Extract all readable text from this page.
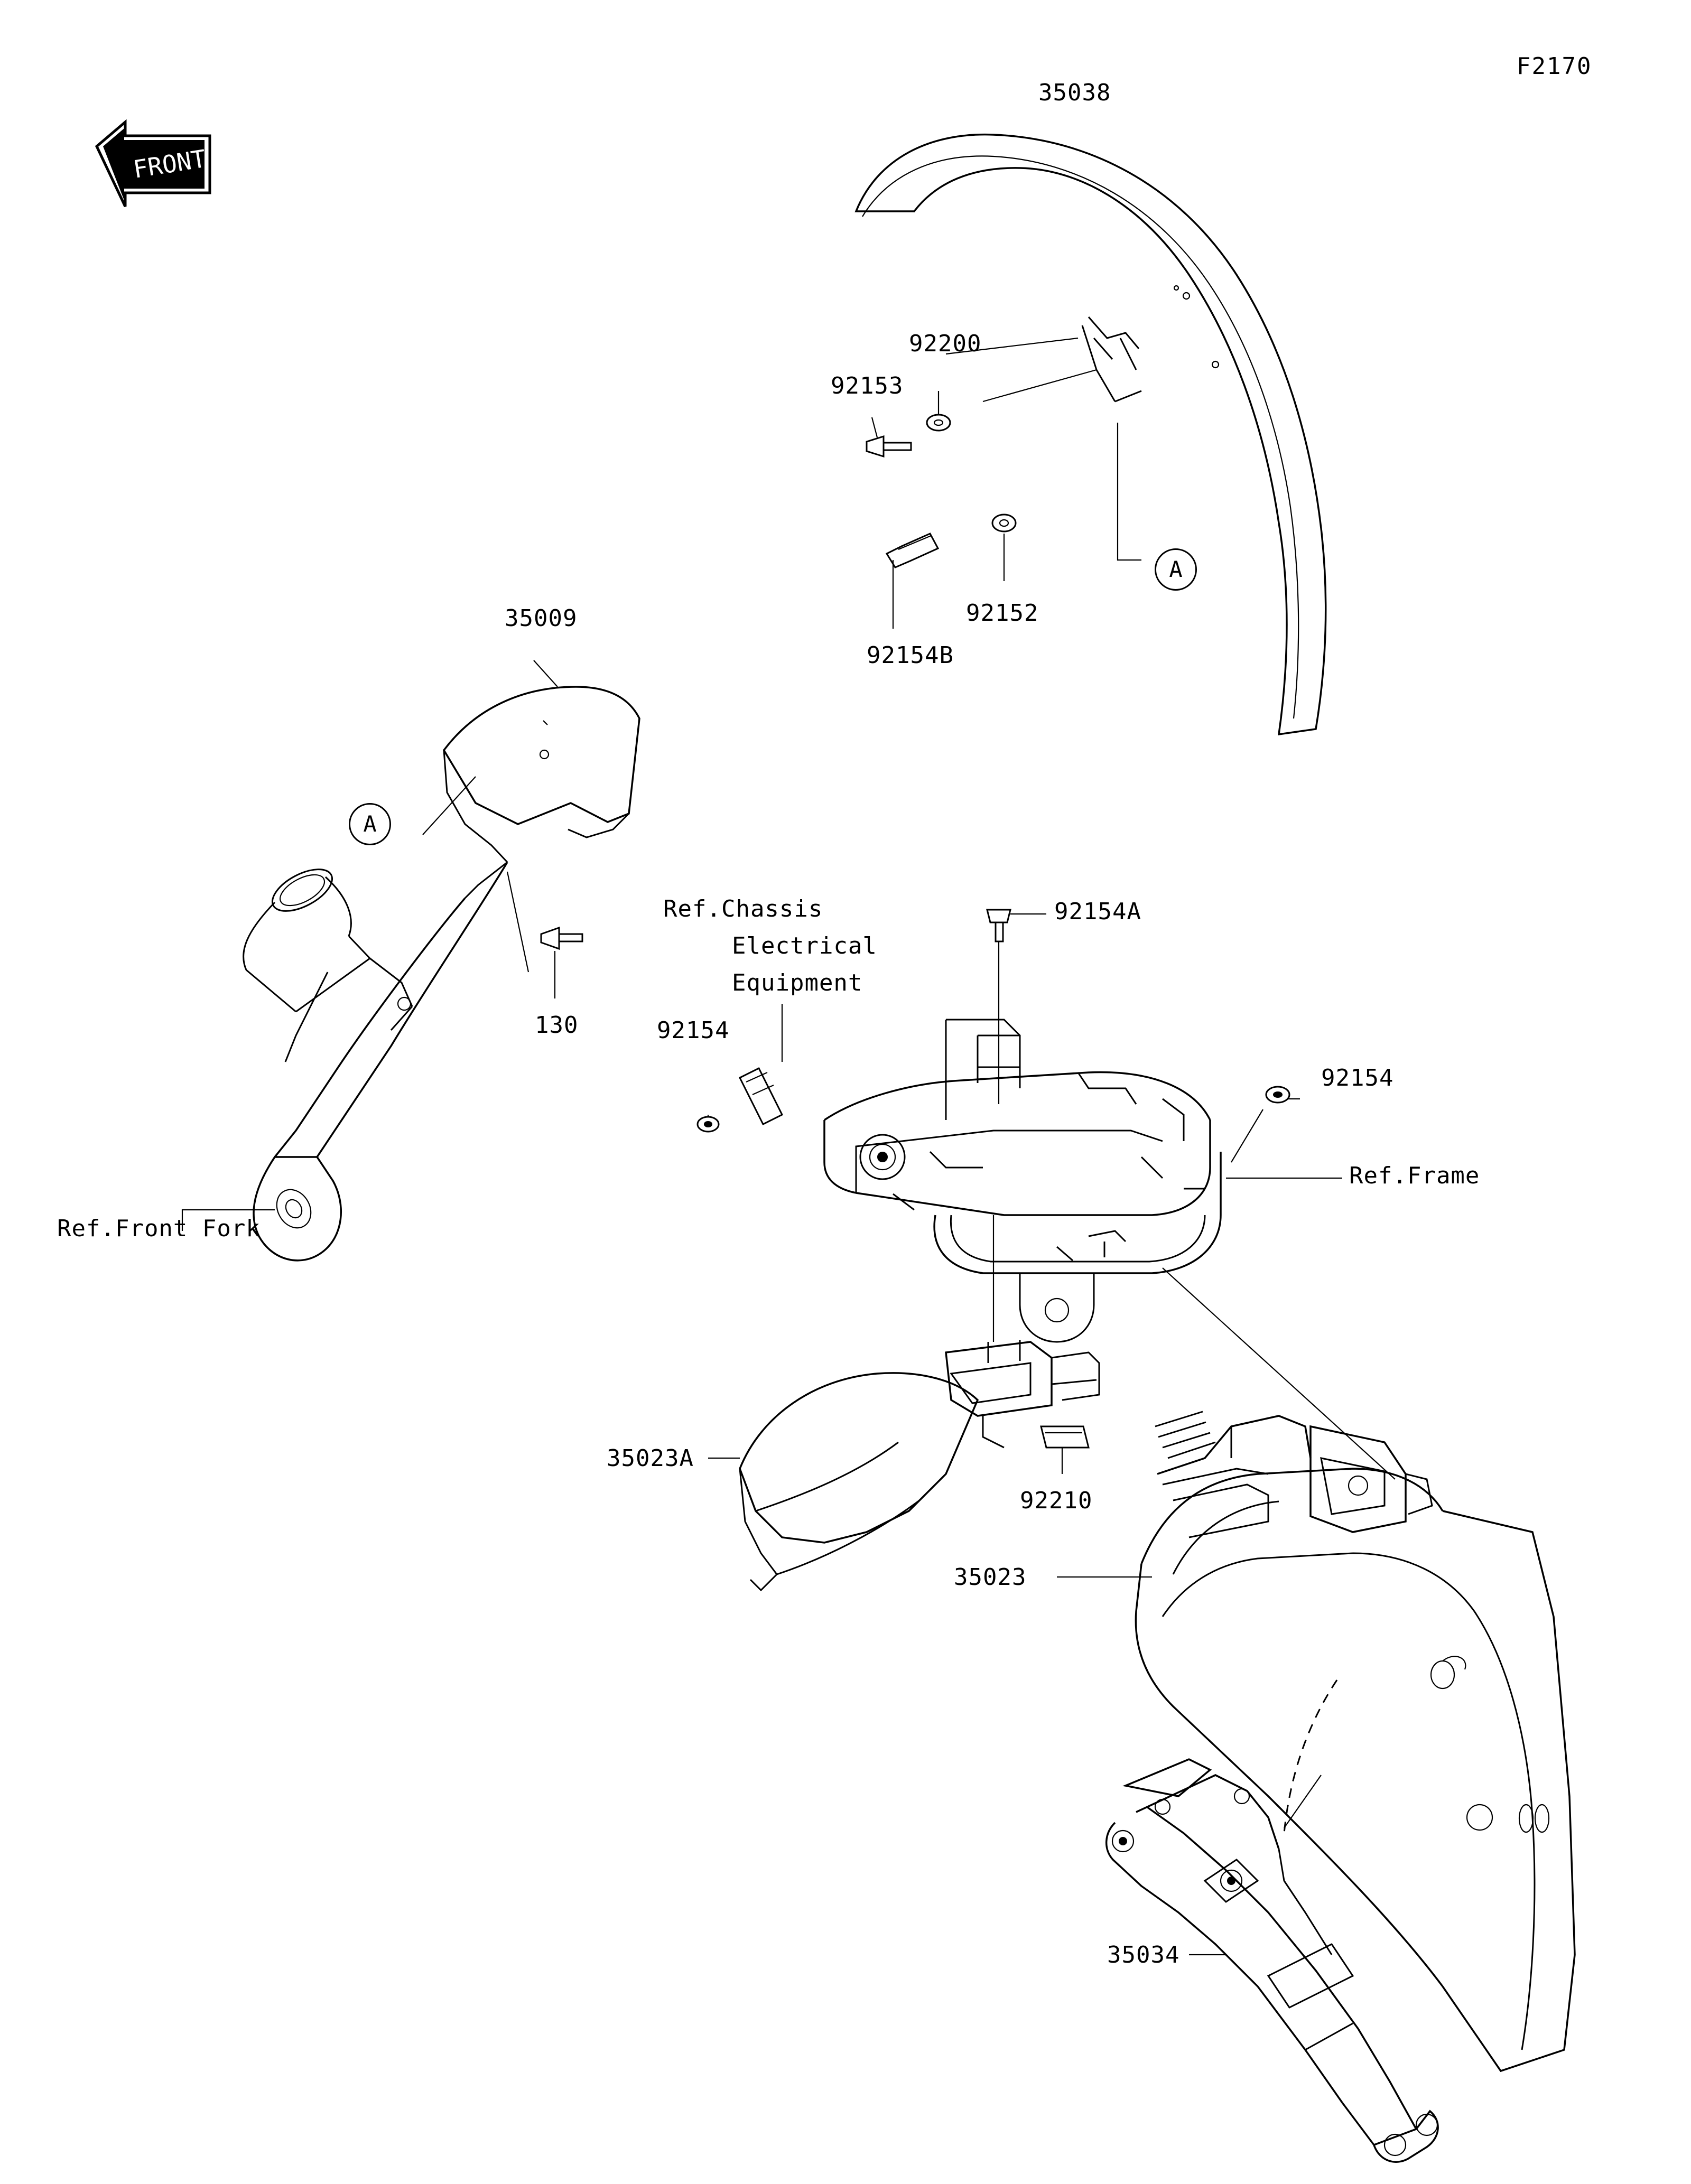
F2170
FRONT
35038
92200
92153
92152
92154B
35009
130
Ref.Front Fork
Ref.Chassis
Electrical
Equipment
92154A
92154
92154
Ref.Frame
35023A
92210
35023
35034
A
A
